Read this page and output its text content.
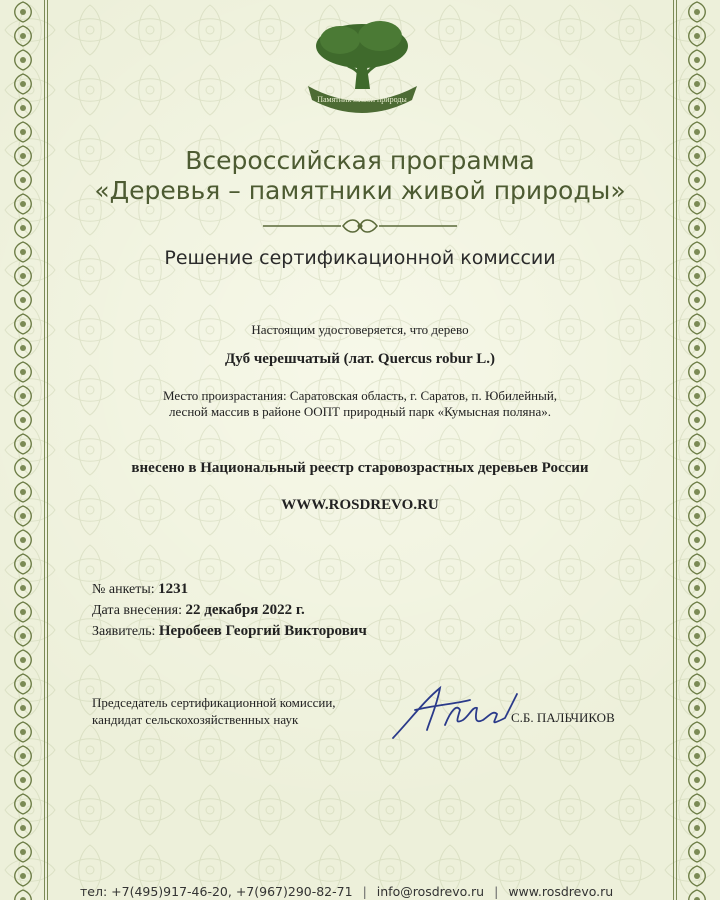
Памятник живой природы
Всероссийская программа
«Деревья – памятники живой природы»
Решение сертификационной комиссии
Настоящим удостоверяется, что дерево
Дуб черешчатый (лат. Quercus robur L.)
Место произрастания: Саратовская область, г. Саратов, п. Юбилейный,
лесной массив в районе ООПТ природный парк «Кумысная поляна».
внесено в Национальный реестр старовозрастных деревьев России
WWW.ROSDREVO.RU
№ анкеты: 1231
Дата внесения: 22 декабря 2022 г.
Заявитель: Неробеев Георгий Викторович
Председатель сертификационной комиссии,
кандидат сельскохозяйственных наук	С.Б. ПАЛЬЧИКОВ
тел: +7(495)917-46-20, +7(967)290-82-71 | info@rosdrevo.ru | www.rosdrevo.ru
